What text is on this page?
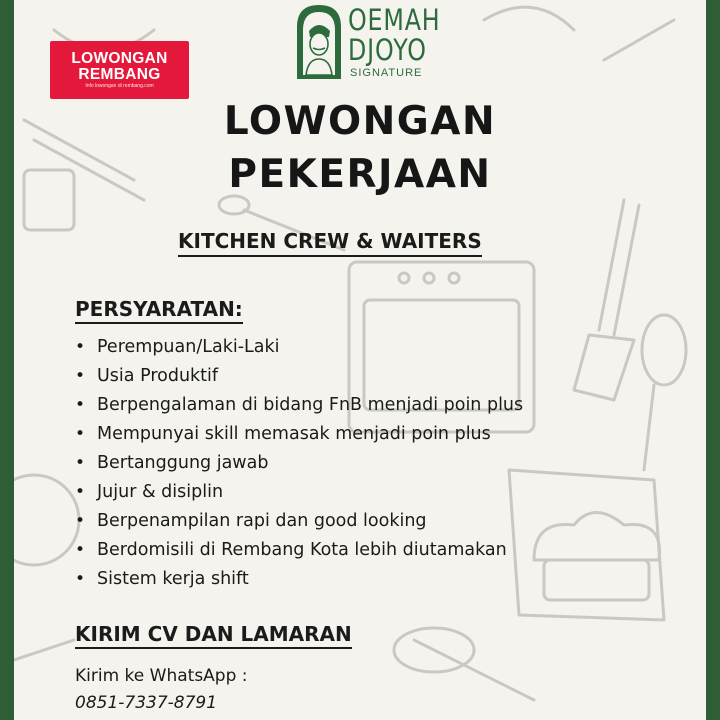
LOWONGAN
REMBANG
Info lowongan di rembang.com
OEMAH
DJOYO
SIGNATURE
LOWONGAN
PEKERJAAN
KITCHEN CREW & WAITERS
PERSYARATAN:
• Perempuan/Laki-Laki
• Usia Produktif
• Berpengalaman di bidang FnB menjadi poin plus
• Mempunyai skill memasak menjadi poin plus
• Bertanggung jawab
• Jujur & disiplin
• Berpenampilan rapi dan good looking
• Berdomisili di Rembang Kota lebih diutamakan
• Sistem kerja shift
KIRIM CV DAN LAMARAN
Kirim ke WhatsApp :
0851-7337-8791
